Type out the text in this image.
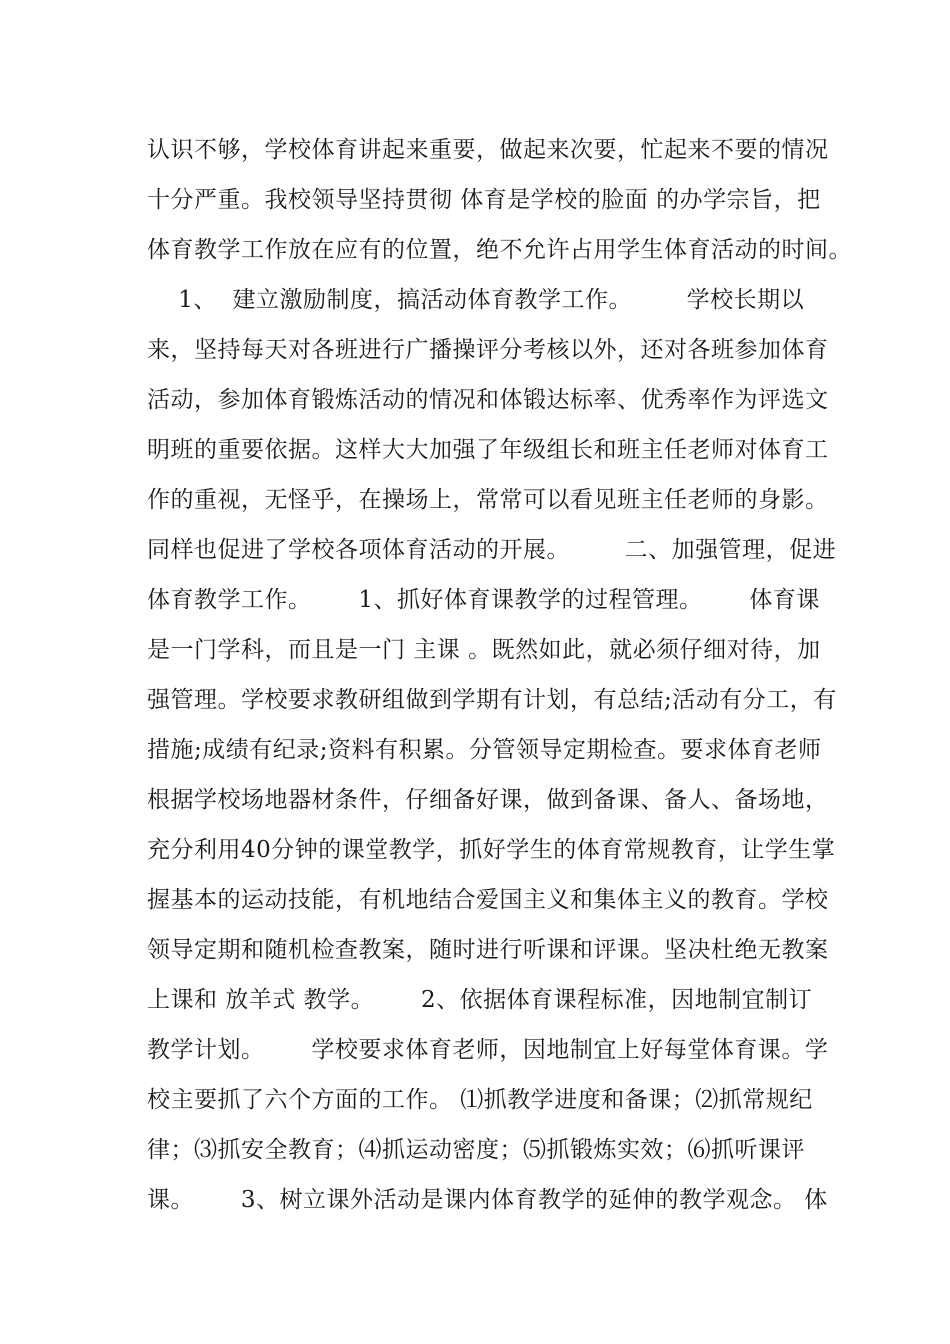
认识不够，学校体育讲起来重要，做起来次要，忙起来不要的情况
十分严重。我校领导坚持贯彻 体育是学校的脸面 的办学宗旨，把
体育教学工作放在应有的位置，绝不允许占用学生体育活动的时间。
1、  建立激励制度，搞活动体育教学工作。       学校长期以
来，坚持每天对各班进行广播操评分考核以外，还对各班参加体育
活动，参加体育锻炼活动的情况和体锻达标率、优秀率作为评选文
明班的重要依据。这样大大加强了年级组长和班主任老师对体育工
作的重视，无怪乎，在操场上，常常可以看见班主任老师的身影。
同样也促进了学校各项体育活动的开展。       二、加强管理，促进
体育教学工作。      1、抓好体育课教学的过程管理。      体育课
是一门学科，而且是一门 主课 。既然如此，就必须仔细对待，加
强管理。学校要求教研组做到学期有计划，有总结;活动有分工，有
措施;成绩有纪录;资料有积累。分管领导定期检查。要求体育老师
根据学校场地器材条件，仔细备好课，做到备课、备人、备场地，
充分利用40分钟的课堂教学，抓好学生的体育常规教育，让学生掌
握基本的运动技能，有机地结合爱国主义和集体主义的教育。学校
领导定期和随机检查教案，随时进行听课和评课。坚决杜绝无教案
上课和 放羊式 教学。      2、依据体育课程标准，因地制宜制订
教学计划。      学校要求体育老师，因地制宜上好每堂体育课。学
校主要抓了六个方面的工作。 ⑴抓教学进度和备课；⑵抓常规纪
律；⑶抓安全教育；⑷抓运动密度；⑸抓锻炼实效；⑹抓听课评
课。      3、树立课外活动是课内体育教学的延伸的教学观念。 体
